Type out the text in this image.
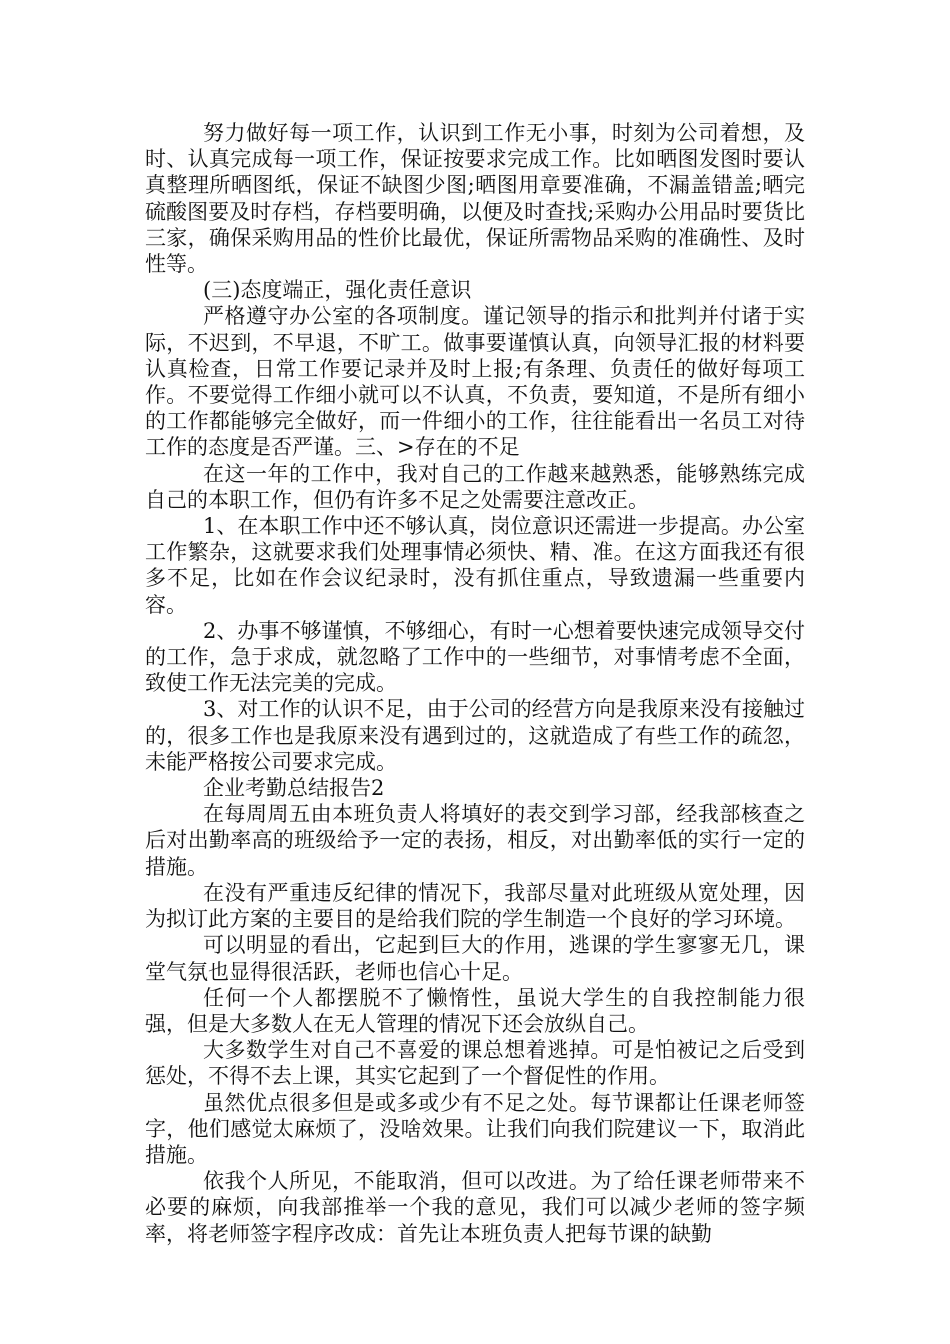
努力做好每一项工作，认识到工作无小事，时刻为公司着想，及时、认真完成每一项工作，保证按要求完成工作。比如晒图发图时要认真整理所晒图纸，保证不缺图少图;晒图用章要准确，不漏盖错盖;晒完硫酸图要及时存档，存档要明确，以便及时查找;采购办公用品时要货比三家，确保采购用品的性价比最优，保证所需物品采购的准确性、及时性等。

(三)态度端正，强化责任意识

严格遵守办公室的各项制度。谨记领导的指示和批判并付诸于实际，不迟到，不早退，不旷工。做事要谨慎认真，向领导汇报的材料要认真检查，日常工作要记录并及时上报;有条理、负责任的做好每项工作。不要觉得工作细小就可以不认真，不负责，要知道，不是所有细小的工作都能够完全做好，而一件细小的工作，往往能看出一名员工对待工作的态度是否严谨。三、>存在的不足

在这一年的工作中，我对自己的工作越来越熟悉，能够熟练完成自己的本职工作，但仍有许多不足之处需要注意改正。

1、在本职工作中还不够认真，岗位意识还需进一步提高。办公室工作繁杂，这就要求我们处理事情必须快、精、准。在这方面我还有很多不足，比如在作会议纪录时，没有抓住重点，导致遗漏一些重要内容。

2、办事不够谨慎，不够细心，有时一心想着要快速完成领导交付的工作，急于求成，就忽略了工作中的一些细节，对事情考虑不全面，致使工作无法完美的完成。

3、对工作的认识不足，由于公司的经营方向是我原来没有接触过的，很多工作也是我原来没有遇到过的，这就造成了有些工作的疏忽，未能严格按公司要求完成。

企业考勤总结报告2

在每周周五由本班负责人将填好的表交到学习部，经我部核查之后对出勤率高的班级给予一定的表扬，相反，对出勤率低的实行一定的措施。

在没有严重违反纪律的情况下，我部尽量对此班级从宽处理，因为拟订此方案的主要目的是给我们院的学生制造一个良好的学习环境。

可以明显的看出，它起到巨大的作用，逃课的学生寥寥无几，课堂气氛也显得很活跃，老师也信心十足。

任何一个人都摆脱不了懒惰性，虽说大学生的自我控制能力很强，但是大多数人在无人管理的情况下还会放纵自己。

大多数学生对自己不喜爱的课总想着逃掉。可是怕被记之后受到惩处，不得不去上课，其实它起到了一个督促性的作用。

虽然优点很多但是或多或少有不足之处。每节课都让任课老师签字，他们感觉太麻烦了，没啥效果。让我们向我们院建议一下，取消此措施。

依我个人所见，不能取消，但可以改进。为了给任课老师带来不必要的麻烦，向我部推举一个我的意见，我们可以减少老师的签字频率，将老师签字程序改成：首先让本班负责人把每节课的缺勤
